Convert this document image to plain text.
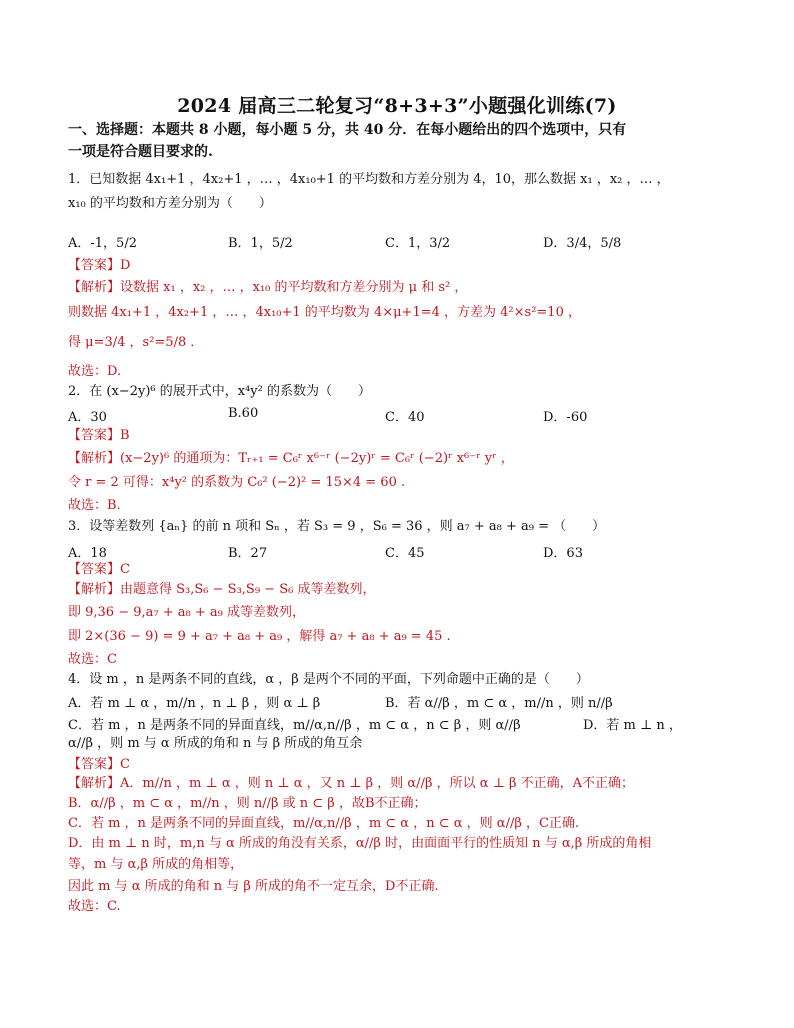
2024 届高三二轮复习“8+3+3”小题强化训练(7)
一、选择题：本题共 8 小题，每小题 5 分，共 40 分．在每小题给出的四个选项中，只有
一项是符合题目要求的.
1．已知数据 4x₁+1 ，4x₂+1 ，… ，4x₁₀+1 的平均数和方差分别为 4，10，那么数据 x₁ ，x₂ ，… ，
x₁₀ 的平均数和方差分别为（　　）
A．-1，5/2	B．1，5/2	C．1，3/2	D．3/4，5/8
【答案】D
【解析】设数据 x₁ ，x₂ ，… ，x₁₀ 的平均数和方差分别为 μ 和 s² ，
则数据 4x₁+1 ，4x₂+1 ，… ，4x₁₀+1 的平均数为 4×μ+1=4 ，方差为 4²×s²=10 ，
得 μ=3/4 ，s²=5/8 ．
故选：D.
2．在 (x−2y)⁶ 的展开式中，x⁴y² 的系数为（　　）
A．30	B.60	C．40	D．-60
【答案】B
【解析】(x−2y)⁶ 的通项为：Tᵣ₊₁ = C₆ʳ x⁶⁻ʳ (−2y)ʳ = C₆ʳ (−2)ʳ x⁶⁻ʳ yʳ ，
令 r = 2 可得：x⁴y² 的系数为 C₆² (−2)² = 15×4 = 60 .
故选：B.
3．设等差数列 {aₙ} 的前 n 项和 Sₙ ，若 S₃ = 9 ，S₆ = 36 ，则 a₇ + a₈ + a₉ = （　　）
A．18	B．27	C．45	D．63
【答案】C
【解析】由题意得 S₃,S₆ − S₃,S₉ − S₆ 成等差数列，
即 9,36 − 9,a₇ + a₈ + a₉ 成等差数列，
即 2×(36 − 9) = 9 + a₇ + a₈ + a₉ ，解得 a₇ + a₈ + a₉ = 45 .
故选：C
4．设 m ，n 是两条不同的直线，α ，β 是两个不同的平面，下列命题中正确的是（　　）
A．若 m ⊥ α ，m//n ，n ⊥ β ，则 α ⊥ β	B．若 α//β ，m ⊂ α ，m//n ，则 n//β
C．若 m ，n 是两条不同的异面直线，m//α,n//β ，m ⊂ α ，n ⊂ β ，则 α//β	D．若 m ⊥ n ，
α//β ，则 m 与 α 所成的角和 n 与 β 所成的角互余
【答案】C
【解析】A．m//n ，m ⊥ α ，则 n ⊥ α ，又 n ⊥ β ，则 α//β ，所以 α ⊥ β 不正确，A不正确；
B．α//β ，m ⊂ α ，m//n ，则 n//β 或 n ⊂ β ，故B不正确；
C．若 m ，n 是两条不同的异面直线，m//α,n//β ，m ⊂ α ，n ⊂ α ，则 α//β ，C正确.
D．由 m ⊥ n 时，m,n 与 α 所成的角没有关系，α//β 时，由面面平行的性质知 n 与 α,β 所成的角相
等，m 与 α,β 所成的角相等，
因此 m 与 α 所成的角和 n 与 β 所成的角不一定互余，D不正确.
故选：C.
